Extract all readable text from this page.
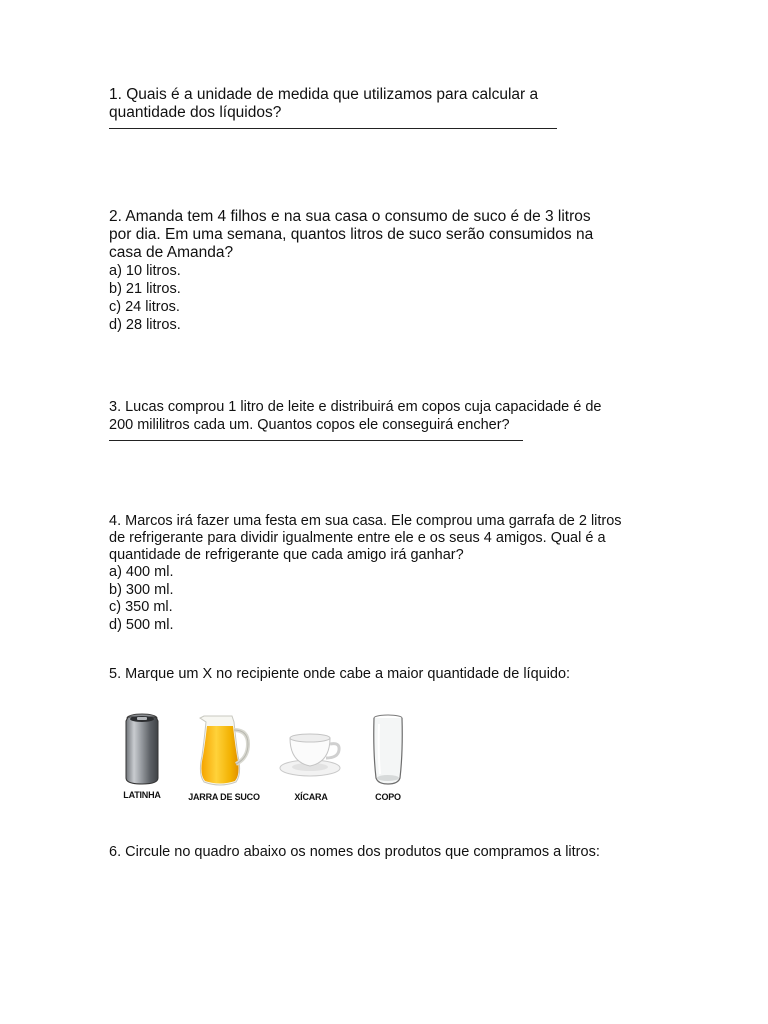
1. Quais é a unidade de medida que utilizamos para calcular a

quantidade dos líquidos?

2. Amanda tem 4 filhos e na sua casa o consumo de suco é de 3 litros

por dia. Em uma semana, quantos litros de suco serão consumidos na

casa de Amanda?

a) 10 litros.

b) 21 litros.

c) 24 litros.

d) 28 litros.

3. Lucas comprou 1 litro de leite e distribuirá em copos cuja capacidade é de

200 mililitros cada um. Quantos copos ele conseguirá encher?

4. Marcos irá fazer uma festa em sua casa. Ele comprou uma garrafa de 2 litros

de refrigerante para dividir igualmente entre ele e os seus 4 amigos. Qual é a

quantidade de refrigerante que cada amigo irá ganhar?

a) 400 ml.

b) 300 ml.

c) 350 ml.

d) 500 ml.

5. Marque um X no recipiente onde cabe a maior quantidade de líquido:

LATINHA	JARRA DE SUCO	XÍCARA	COPO

6. Circule no quadro abaixo os nomes dos produtos que compramos a litros:
